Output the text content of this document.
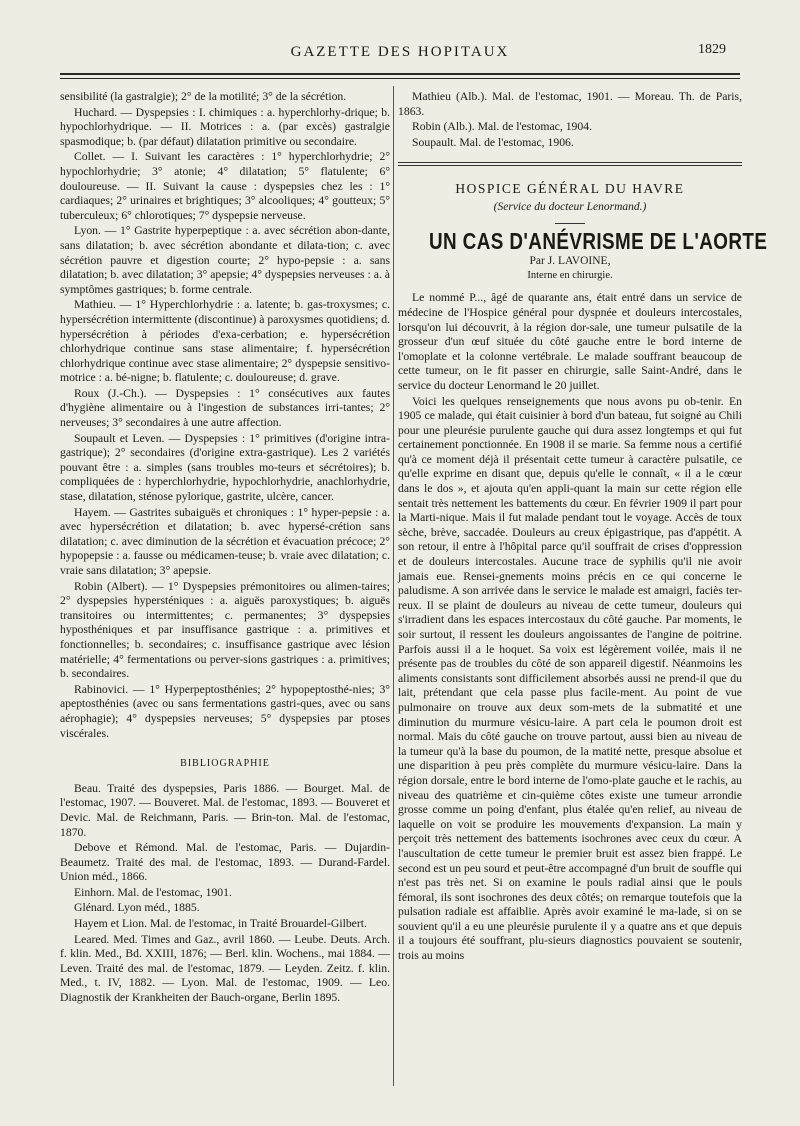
GAZETTE DES HOPITAUX	1829

sensibilité (la gastralgie); 2° de la motilité; 3° de la sécrétion.

Huchard. — Dyspepsies : I. chimiques : a. hyperchlorhy-drique; b. hypochlorhydrique. — II. Motrices : a. (par excès) gastralgie spasmodique; b. (par défaut) dilatation primitive ou secondaire.

Collet. — I. Suivant les caractères : 1° hyperchlorhydrie; 2° hypochlorhydrie; 3° atonie; 4° dilatation; 5° flatulente; 6° douloureuse. — II. Suivant la cause : dyspepsies chez les : 1° cardiaques; 2° urinaires et brightiques; 3° alcooliques; 4° goutteux; 5° tuberculeux; 6° chlorotiques; 7° dyspepsie nerveuse.

Lyon. — 1° Gastrite hyperpeptique : a. avec sécrétion abon-dante, sans dilatation; b. avec sécrétion abondante et dilata-tion; c. avec sécrétion pauvre et digestion courte; 2° hypo-pepsie : a. sans dilatation; b. avec dilatation; 3° apepsie; 4° dyspepsies nerveuses : a. à symptômes gastriques; b. forme centrale.

Mathieu. — 1° Hyperchlorhydrie : a. latente; b. gas-troxysmes; c. hypersécrétion intermittente (discontinue) à paroxysmes quotidiens; d. hypersécrétion à périodes d'exa-cerbation; e. hypersécrétion chlorhydrique continue sans stase alimentaire; f. hypersécrétion chlorhydrique continue avec stase alimentaire; 2° dyspepsie sensitivo-motrice : a. bé-nigne; b. flatulente; c. douloureuse; d. grave.

Roux (J.-Ch.). — Dyspepsies : 1° consécutives aux fautes d'hygiène alimentaire ou à l'ingestion de substances irri-tantes; 2° nerveuses; 3° secondaires à une autre affection.

Soupault et Leven. — Dyspepsies : 1° primitives (d'origine intra-gastrique); 2° secondaires (d'origine extra-gastrique). Les 2 variétés pouvant être : a. simples (sans troubles mo-teurs et sécrétoires); b. compliquées de : hyperchlorhydrie, hypochlorhydrie, anachlorhydrie, stase, dilatation, sténose pylorique, gastrite, ulcère, cancer.

Hayem. — Gastrites subaiguës et chroniques : 1° hyper-pepsie : a. avec hypersécrétion et dilatation; b. avec hypersé-crétion sans dilatation; c. avec diminution de la sécrétion et évacuation précoce; 2° hypopepsie : a. fausse ou médicamen-teuse; b. vraie avec dilatation; c. vraie sans dilatation; 3° apepsie.

Robin (Albert). — 1° Dyspepsies prémonitoires ou alimen-taires; 2° dyspepsies hypersténiques : a. aiguës paroxystiques; b. aiguës transitoires ou intermittentes; c. permanentes; 3° dyspepsies hyposthéniques et par insuffisance gastrique : a. primitives et fonctionnelles; b. secondaires; c. insuffisance gastrique avec lésion matérielle; 4° fermentations ou perver-sions gastriques : a. primitives; b. secondaires.

Rabinovici. — 1° Hyperpeptosthénies; 2° hypopeptosthé-nies; 3° apeptosthénies (avec ou sans fermentations gastri-ques, avec ou sans aérophagie); 4° dyspepsies nerveuses; 5° dyspepsies par ptoses viscérales.

BIBLIOGRAPHIE

Beau. Traité des dyspepsies, Paris 1886. — Bourget. Mal. de l'estomac, 1907. — Bouveret. Mal. de l'estomac, 1893. — Bouveret et Devic. Mal. de Reichmann, Paris. — Brin-ton. Mal. de l'estomac, 1870.

Debove et Rémond. Mal. de l'estomac, Paris. — Dujardin-Beaumetz. Traité des mal. de l'estomac, 1893. — Durand-Fardel. Union méd., 1866.

Einhorn. Mal. de l'estomac, 1901.

Glénard. Lyon méd., 1885.

Hayem et Lion. Mal. de l'estomac, in Traité Brouardel-Gilbert.

Leared. Med. Times and Gaz., avril 1860. — Leube. Deuts. Arch. f. klin. Med., Bd. XXIII, 1876; — Berl. klin. Wochens., mai 1884. — Leven. Traité des mal. de l'estomac, 1879. — Leyden. Zeitz. f. klin. Med., t. IV, 1882. — Lyon. Mal. de l'estomac, 1909. — Leo. Diagnostik der Krankheiten der Bauch-organe, Berlin 1895.

Mathieu (Alb.). Mal. de l'estomac, 1901. — Moreau. Th. de Paris, 1863.

Robin (Alb.). Mal. de l'estomac, 1904.

Soupault. Mal. de l'estomac, 1906.

HOSPICE GÉNÉRAL DU HAVRE
(Service du docteur Lenormand.)
UN CAS D'ANÉVRISME DE L'AORTE
Par J. LAVOINE,
Interne en chirurgie.

Le nommé P..., âgé de quarante ans, était entré dans un service de médecine de l'Hospice général pour dyspnée et douleurs intercostales, lorsqu'on lui découvrit, à la région dor-sale, une tumeur pulsatile de la grosseur d'un œuf située du côté gauche entre le bord interne de l'omoplate et la colonne vertébrale. Le malade souffrant beaucoup de cette tumeur, on le fit passer en chirurgie, salle Saint-André, dans le service du docteur Lenormand le 20 juillet.

Voici les quelques renseignements que nous avons pu ob-tenir. En 1905 ce malade, qui était cuisinier à bord d'un bateau, fut soigné au Chili pour une pleurésie purulente gauche qui dura assez longtemps et qui fut certainement ponctionnée. En 1908 il se marie. Sa femme nous a certifié qu'à ce moment déjà il présentait cette tumeur à caractère pulsatile, ce qu'elle exprime en disant que, depuis qu'elle le connaît, « il a le cœur dans le dos », et ajouta qu'en appli-quant la main sur cette région elle sentait très nettement les battements du cœur. En février 1909 il part pour la Marti-nique. Mais il fut malade pendant tout le voyage. Accès de toux sèche, brève, saccadée. Douleurs au creux épigastrique, pas d'appétit. A son retour, il entre à l'hôpital parce qu'il souffrait de crises d'oppression et de douleurs intercostales. Aucune trace de syphilis qu'il nie avoir jamais eue. Rensei-gnements moins précis en ce qui concerne le paludisme. A son arrivée dans le service le malade est amaigri, faciès ter-reux. Il se plaint de douleurs au niveau de cette tumeur, douleurs qui s'irradient dans les espaces intercostaux du côté gauche. Par moments, le soir surtout, il ressent les douleurs angoissantes de l'angine de poitrine. Parfois aussi il a le hoquet. Sa voix est légèrement voilée, mais il ne présente pas de troubles du côté de son appareil digestif. Néanmoins les aliments consistants sont difficilement absorbés aussi ne prend-il que du lait, prétendant que cela passe plus facile-ment. Au point de vue pulmonaire on trouve aux deux som-mets de la submatité et une diminution du murmure vésicu-laire. A part cela le poumon droit est normal. Mais du côté gauche on trouve partout, aussi bien au niveau de la tumeur qu'à la base du poumon, de la matité nette, presque absolue et une disparition à peu près complète du murmure vésicu-laire. Dans la région dorsale, entre le bord interne de l'omo-plate gauche et le rachis, au niveau des quatrième et cin-quième côtes existe une tumeur arrondie grosse comme un poing d'enfant, plus étalée qu'en relief, au niveau de laquelle on voit se produire les mouvements d'expansion. La main y perçoit très nettement des battements isochrones avec ceux du cœur. A l'auscultation de cette tumeur le premier bruit est assez bien frappé. Le second est un peu sourd et peut-être accompagné d'un bruit de souffle qui n'est pas très net. Si on examine le pouls radial ainsi que le pouls fémoral, ils sont isochrones des deux côtés; on remarque toutefois que la pulsation radiale est affaiblie. Après avoir examiné le ma-lade, si on se souvient qu'il a eu une pleurésie purulente il y a quatre ans et que depuis il a toujours été souffrant, plu-sieurs diagnostics pouvaient se soutenir, trois au moins
